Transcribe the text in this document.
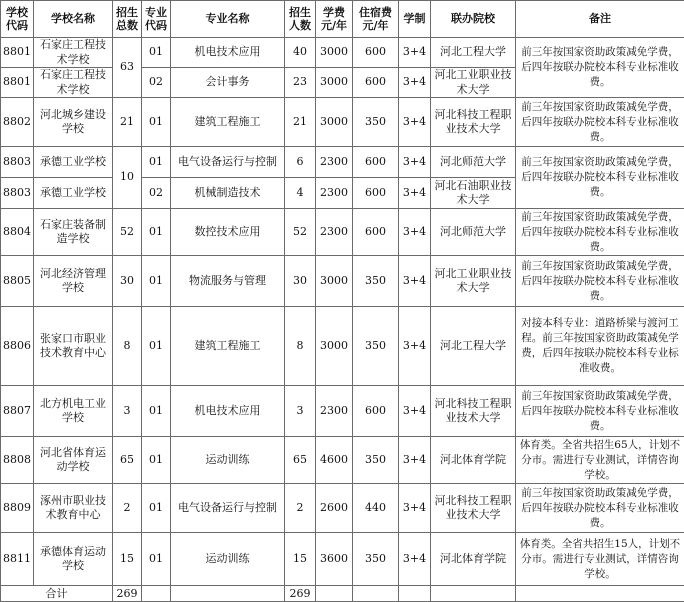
学校代码	学校名称	招生总数	专业代码	专业名称	招生人数	学费元/年	住宿费元/年	学制	联办院校	备注
8801	石家庄工程技术学校	63	01	机电技术应用	40	3000	600	3+4	河北工程大学	前三年按国家资助政策减免学费，后四年按联办院校本科专业标准收费。
8801	石家庄工程技术学校		02	会计事务	23	3000	600	3+4	河北工业职业技术大学	
8802	河北城乡建设学校	21	01	建筑工程施工	21	3000	350	3+4	河北科技工程职业技术大学	前三年按国家资助政策减免学费，后四年按联办院校本科专业标准收费。
8803	承德工业学校	10	01	电气设备运行与控制	6	2300	600	3+4	河北师范大学	前三年按国家资助政策减免学费，后四年按联办院校本科专业标准收费。
8803	承德工业学校		02	机械制造技术	4	2300	600	3+4	河北石油职业技术大学	
8804	石家庄装备制造学校	52	01	数控技术应用	52	2300	600	3+4	河北师范大学	前三年按国家资助政策减免学费，后四年按联办院校本科专业标准收费。
8805	河北经济管理学校	30	01	物流服务与管理	30	3000	350	3+4	河北工业职业技术大学	前三年按国家资助政策减免学费，后四年按联办院校本科专业标准收费。
8806	张家口市职业技术教育中心	8	01	建筑工程施工	8	3000	350	3+4	河北工程大学	对接本科专业：道路桥梁与渡河工程。前三年按国家资助政策减免学费，后四年按联办院校本科专业标准收费。
8807	北方机电工业学校	3	01	机电技术应用	3	2300	600	3+4	河北科技工程职业技术大学	前三年按国家资助政策减免学费，后四年按联办院校本科专业标准收费。
8808	河北省体育运动学校	65	01	运动训练	65	4600	350	3+4	河北体育学院	体育类。全省共招生65人，计划不分市。需进行专业测试，详情咨询学校。
8809	涿州市职业技术教育中心	2	01	电气设备运行与控制	2	2600	440	3+4	河北科技工程职业技术大学	前三年按国家资助政策减免学费，后四年按联办院校本科专业标准收费。
8811	承德体育运动学校	15	01	运动训练	15	3600	350	3+4	河北体育学院	体育类。全省共招生15人，计划不分市。需进行专业测试，详情咨询学校。
合计		269			269					
